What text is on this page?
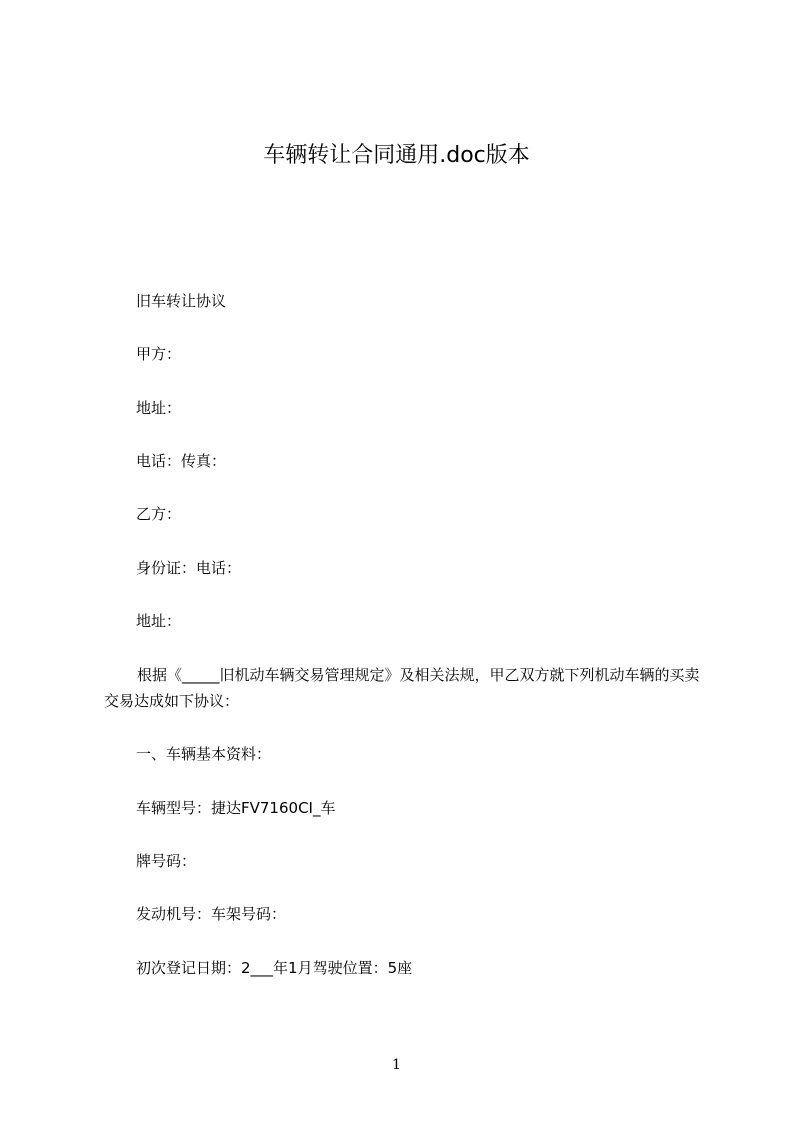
车辆转让合同通用.doc版本
旧车转让协议
甲方：
地址：
电话：传真：
乙方：
身份证：电话：
地址：
根据《_____旧机动车辆交易管理规定》及相关法规，甲乙双方就下列机动车辆的买卖交易达成如下协议：
一、车辆基本资料：
车辆型号：捷达FV7160CI_车
牌号码：
发动机号：车架号码：
初次登记日期：2___年1月驾驶位置：5座
1
